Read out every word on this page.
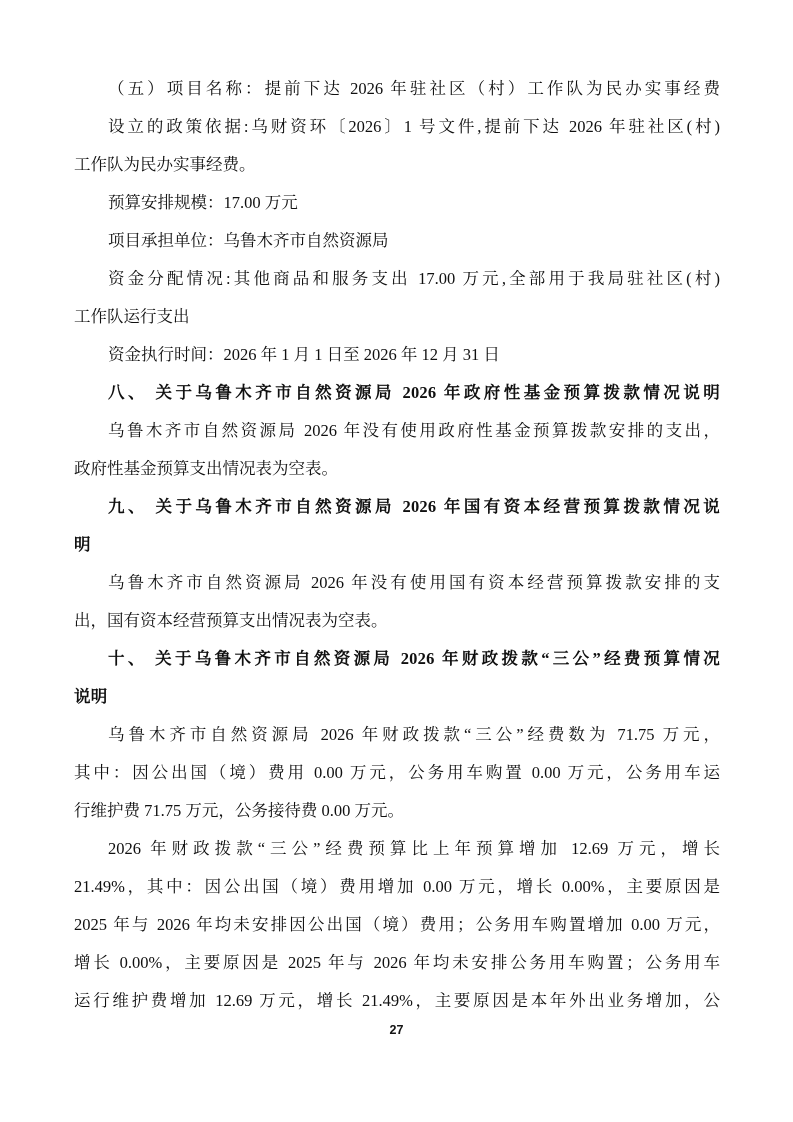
（五）项目名称：提前下达 2026 年驻社区（村）工作队为民办实事经费

设立的政策依据:乌财资环〔2026〕1 号文件,提前下达 2026 年驻社区(村)

工作队为民办实事经费。

预算安排规模：17.00 万元

项目承担单位：乌鲁木齐市自然资源局

资金分配情况:其他商品和服务支出 17.00 万元,全部用于我局驻社区(村)

工作队运行支出

资金执行时间：2026 年 1 月 1 日至 2026 年 12 月 31 日

八、 关于乌鲁木齐市自然资源局 2026 年政府性基金预算拨款情况说明

乌鲁木齐市自然资源局 2026 年没有使用政府性基金预算拨款安排的支出，

政府性基金预算支出情况表为空表。

九、 关于乌鲁木齐市自然资源局 2026 年国有资本经营预算拨款情况说

明

乌鲁木齐市自然资源局 2026 年没有使用国有资本经营预算拨款安排的支

出，国有资本经营预算支出情况表为空表。

十、 关于乌鲁木齐市自然资源局 2026 年财政拨款“三公”经费预算情况

说明

乌鲁木齐市自然资源局 2026 年财政拨款“三公”经费数为 71.75 万元，

其中：因公出国（境）费用 0.00 万元，公务用车购置 0.00 万元，公务用车运

行维护费 71.75 万元，公务接待费 0.00 万元。

2026 年财政拨款“三公”经费预算比上年预算增加 12.69 万元，增长

21.49%，其中：因公出国（境）费用增加 0.00 万元，增长 0.00%，主要原因是

2025 年与 2026 年均未安排因公出国（境）费用；公务用车购置增加 0.00 万元，

增长 0.00%，主要原因是 2025 年与 2026 年均未安排公务用车购置；公务用车

运行维护费增加 12.69 万元，增长 21.49%，主要原因是本年外出业务增加，公

27
